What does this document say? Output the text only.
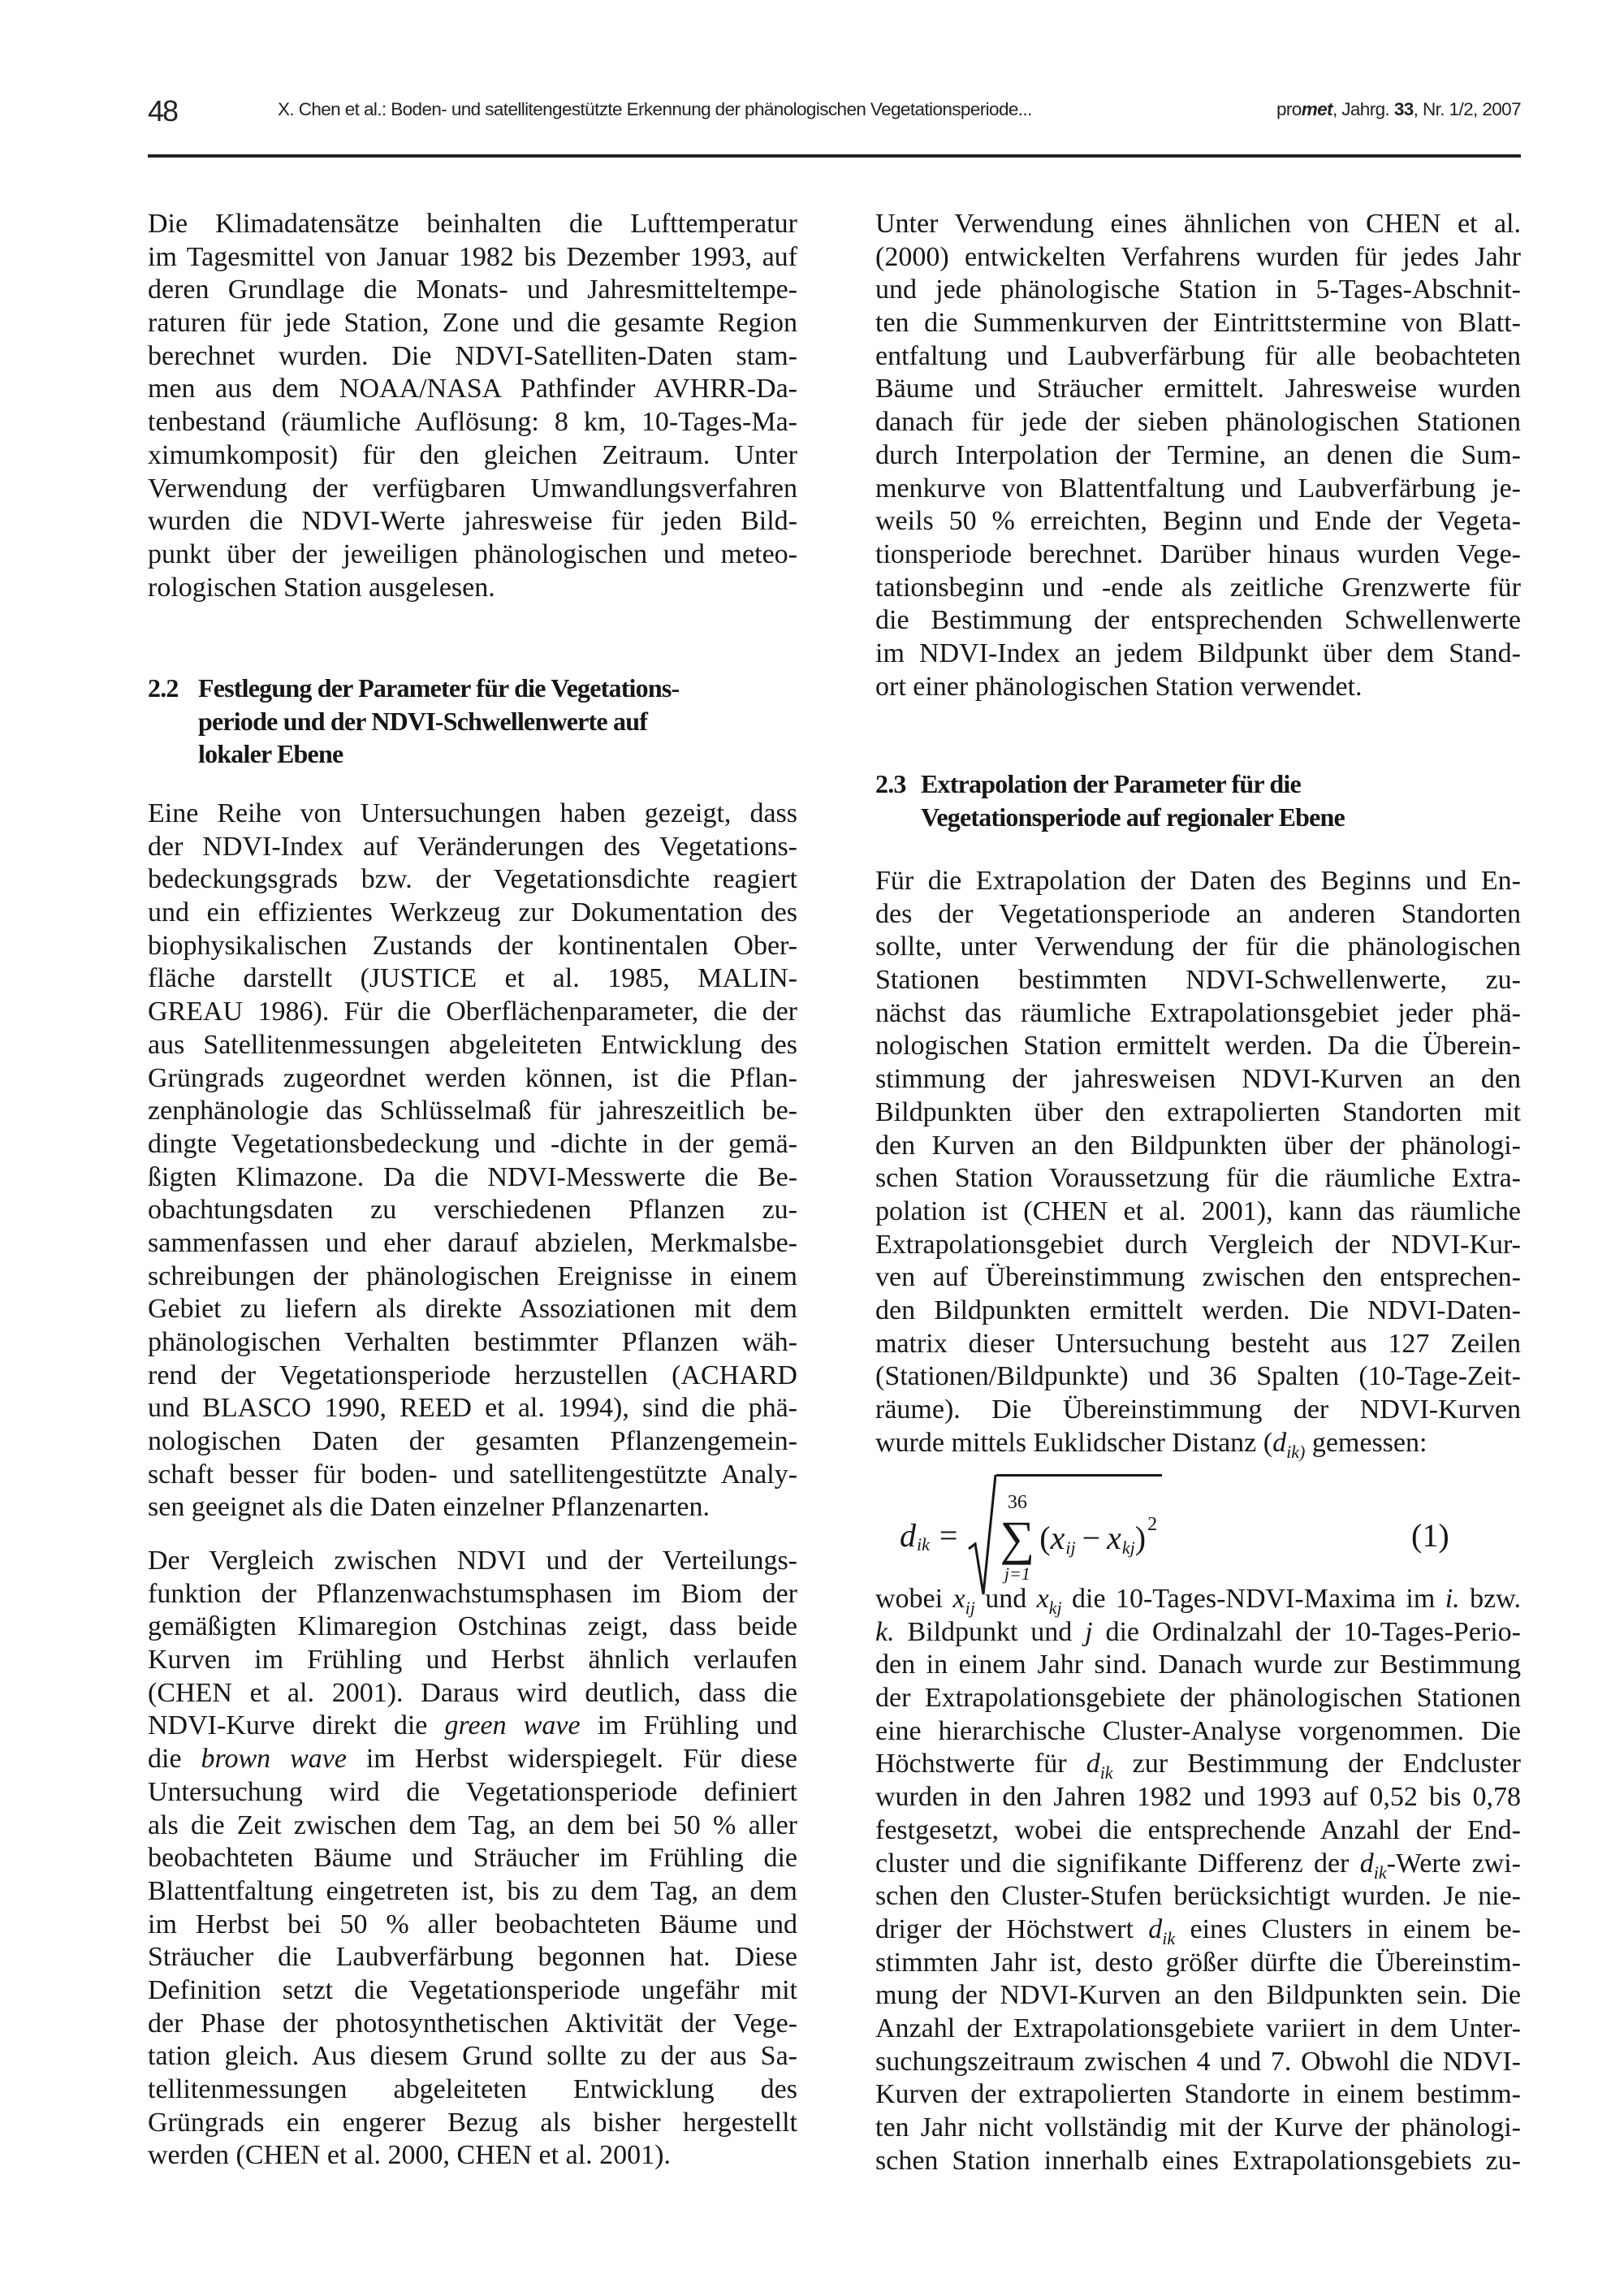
48	X. Chen et al.: Boden- und satellitengestützte Erkennung der phänologischen Vegetationsperiode...	promet, Jahrg. 33, Nr. 1/2, 2007
Die Klimadatensätze beinhalten die Lufttemperatur
im Tagesmittel von Januar 1982 bis Dezember 1993, auf
deren Grundlage die Monats- und Jahresmitteltempe-
raturen für jede Station, Zone und die gesamte Region
berechnet wurden. Die NDVI-Satelliten-Daten stam-
men aus dem NOAA/NASA Pathfinder AVHRR-Da-
tenbestand (räumliche Auflösung: 8 km, 10-Tages-Ma-
ximumkomposit) für den gleichen Zeitraum. Unter
Verwendung der verfügbaren Umwandlungsverfahren
wurden die NDVI-Werte jahresweise für jeden Bild-
punkt über der jeweiligen phänologischen und meteo-
rologischen Station ausgelesen.
2.2 Festlegung der Parameter für die Vegetations-
periode und der NDVI-Schwellenwerte auf
lokaler Ebene
Eine Reihe von Untersuchungen haben gezeigt, dass
der NDVI-Index auf Veränderungen des Vegetations-
bedeckungsgrads bzw. der Vegetationsdichte reagiert
und ein effizientes Werkzeug zur Dokumentation des
biophysikalischen Zustands der kontinentalen Ober-
fläche darstellt (JUSTICE et al. 1985, MALIN-
GREAU 1986). Für die Oberflächenparameter, die der
aus Satellitenmessungen abgeleiteten Entwicklung des
Grüngrads zugeordnet werden können, ist die Pflan-
zenphänologie das Schlüsselmaß für jahreszeitlich be-
dingte Vegetationsbedeckung und -dichte in der gemä-
ßigten Klimazone. Da die NDVI-Messwerte die Be-
obachtungsdaten zu verschiedenen Pflanzen zu-
sammenfassen und eher darauf abzielen, Merkmalsbe-
schreibungen der phänologischen Ereignisse in einem
Gebiet zu liefern als direkte Assoziationen mit dem
phänologischen Verhalten bestimmter Pflanzen wäh-
rend der Vegetationsperiode herzustellen (ACHARD
und BLASCO 1990, REED et al. 1994), sind die phä-
nologischen Daten der gesamten Pflanzengemein-
schaft besser für boden- und satellitengestützte Analy-
sen geeignet als die Daten einzelner Pflanzenarten.
Der Vergleich zwischen NDVI und der Verteilungs-
funktion der Pflanzenwachstumsphasen im Biom der
gemäßigten Klimaregion Ostchinas zeigt, dass beide
Kurven im Frühling und Herbst ähnlich verlaufen
(CHEN et al. 2001). Daraus wird deutlich, dass die
NDVI-Kurve direkt die green wave im Frühling und
die brown wave im Herbst widerspiegelt. Für diese
Untersuchung wird die Vegetationsperiode definiert
als die Zeit zwischen dem Tag, an dem bei 50 % aller
beobachteten Bäume und Sträucher im Frühling die
Blattentfaltung eingetreten ist, bis zu dem Tag, an dem
im Herbst bei 50 % aller beobachteten Bäume und
Sträucher die Laubverfärbung begonnen hat. Diese
Definition setzt die Vegetationsperiode ungefähr mit
der Phase der photosynthetischen Aktivität der Vege-
tation gleich. Aus diesem Grund sollte zu der aus Sa-
tellitenmessungen abgeleiteten Entwicklung des
Grüngrads ein engerer Bezug als bisher hergestellt
werden (CHEN et al. 2000, CHEN et al. 2001).
Unter Verwendung eines ähnlichen von CHEN et al.
(2000) entwickelten Verfahrens wurden für jedes Jahr
und jede phänologische Station in 5-Tages-Abschnit-
ten die Summenkurven der Eintrittstermine von Blatt-
entfaltung und Laubverfärbung für alle beobachteten
Bäume und Sträucher ermittelt. Jahresweise wurden
danach für jede der sieben phänologischen Stationen
durch Interpolation der Termine, an denen die Sum-
menkurve von Blattentfaltung und Laubverfärbung je-
weils 50 % erreichten, Beginn und Ende der Vegeta-
tionsperiode berechnet. Darüber hinaus wurden Vege-
tationsbeginn und -ende als zeitliche Grenzwerte für
die Bestimmung der entsprechenden Schwellenwerte
im NDVI-Index an jedem Bildpunkt über dem Stand-
ort einer phänologischen Station verwendet.
2.3 Extrapolation der Parameter für die
Vegetationsperiode auf regionaler Ebene
Für die Extrapolation der Daten des Beginns und En-
des der Vegetationsperiode an anderen Standorten
sollte, unter Verwendung der für die phänologischen
Stationen bestimmten NDVI-Schwellenwerte, zu-
nächst das räumliche Extrapolationsgebiet jeder phä-
nologischen Station ermittelt werden. Da die Überein-
stimmung der jahresweisen NDVI-Kurven an den
Bildpunkten über den extrapolierten Standorten mit
den Kurven an den Bildpunkten über der phänologi-
schen Station Voraussetzung für die räumliche Extra-
polation ist (CHEN et al. 2001), kann das räumliche
Extrapolationsgebiet durch Vergleich der NDVI-Kur-
ven auf Übereinstimmung zwischen den entsprechen-
den Bildpunkten ermittelt werden. Die NDVI-Daten-
matrix dieser Untersuchung besteht aus 127 Zeilen
(Stationen/Bildpunkte) und 36 Spalten (10-Tage-Zeit-
räume). Die Übereinstimmung der NDVI-Kurven
wurde mittels Euklidscher Distanz ($d_{ik)}$ gemessen:
wobei $x_{ij}$ und $x_{kj}$ die 10-Tages-NDVI-Maxima im i. bzw.
k. Bildpunkt und j die Ordinalzahl der 10-Tages-Perio-
den in einem Jahr sind. Danach wurde zur Bestimmung
der Extrapolationsgebiete der phänologischen Stationen
eine hierarchische Cluster-Analyse vorgenommen. Die
Höchstwerte für $d_{ik}$ zur Bestimmung der Endcluster
wurden in den Jahren 1982 und 1993 auf 0,52 bis 0,78
festgesetzt, wobei die entsprechende Anzahl der End-
cluster und die signifikante Differenz der $d_{ik}$-Werte zwi-
schen den Cluster-Stufen berücksichtigt wurden. Je nie-
driger der Höchstwert $d_{ik}$ eines Clusters in einem be-
stimmten Jahr ist, desto größer dürfte die Übereinstim-
mung der NDVI-Kurven an den Bildpunkten sein. Die
Anzahl der Extrapolationsgebiete variiert in dem Unter-
suchungszeitraum zwischen 4 und 7. Obwohl die NDVI-
Kurven der extrapolierten Standorte in einem bestimm-
ten Jahr nicht vollständig mit der Kurve der phänologi-
schen Station innerhalb eines Extrapolationsgebiets zu-
d ik =
36
∑
j=1
( x ij − x kj ) 2	(1)
